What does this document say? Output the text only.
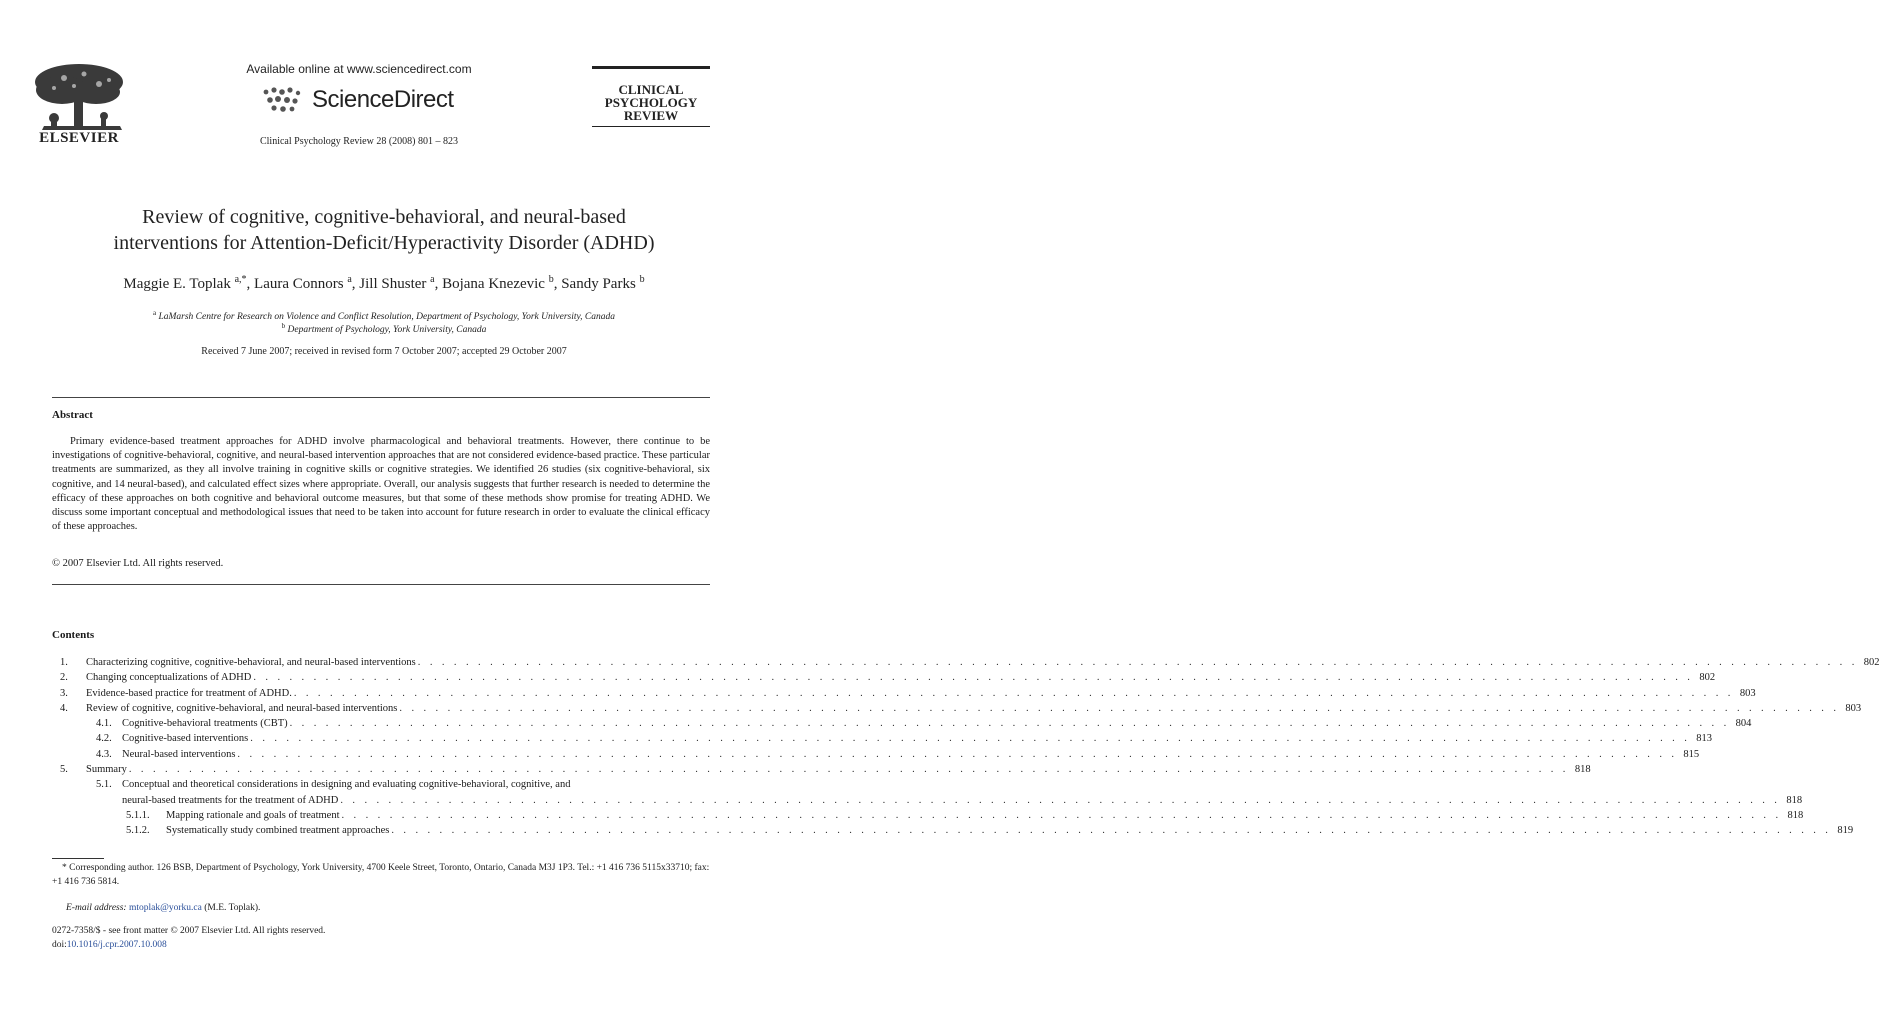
ELSEVIER
Available online at www.sciencedirect.com
ScienceDirect
Clinical Psychology Review 28 (2008) 801 – 823
CLINICAL
PSYCHOLOGY
REVIEW
Review of cognitive, cognitive-behavioral, and neural-based
interventions for Attention-Deficit/Hyperactivity Disorder (ADHD)
Maggie E. Toplak $^{a,*}$, Laura Connors $^a$, Jill Shuster $^a$, Bojana Knezevic $^b$, Sandy Parks $^b$
$^a$ LaMarsh Centre for Research on Violence and Conflict Resolution, Department of Psychology, York University, Canada
$^b$ Department of Psychology, York University, Canada
Received 7 June 2007; received in revised form 7 October 2007; accepted 29 October 2007
Abstract

Primary evidence-based treatment approaches for ADHD involve pharmacological and behavioral treatments. However, there continue to be investigations of cognitive-behavioral, cognitive, and neural-based intervention approaches that are not considered evidence-based practice. These particular treatments are summarized, as they all involve training in cognitive skills or cognitive strategies. We identified 26 studies (six cognitive-behavioral, six cognitive, and 14 neural-based), and calculated effect sizes where appropriate. Overall, our analysis suggests that further research is needed to determine the efficacy of these approaches on both cognitive and behavioral outcome measures, but that some of these methods show promise for treating ADHD. We discuss some important conceptual and methodological issues that need to be taken into account for future research in order to evaluate the clinical efficacy of these approaches.

© 2007 Elsevier Ltd. All rights reserved.
Contents
1.	Characterizing cognitive, cognitive-behavioral, and neural-based interventions . . . . . . . . . . . . . . . . . . . . . . . . . . . . . . . . . . . . . . . . . . . . . . . . . . . . . . . . . . . . . . . . . . . . . . . . . . . . . . . . . . . . . . . . . . . . . . . . . . . . . . . . . . . . . . . . . . . . . . . . 802
2.	Changing conceptualizations of ADHD . . . . . . . . . . . . . . . . . . . . . . . . . . . . . . . . . . . . . . . . . . . . . . . . . . . . . . . . . . . . . . . . . . . . . . . . . . . . . . . . . . . . . . . . . . . . . . . . . . . . . . . . . . . . . . . . . . . . . . . . 802
3.	Evidence-based practice for treatment of ADHD. . . . . . . . . . . . . . . . . . . . . . . . . . . . . . . . . . . . . . . . . . . . . . . . . . . . . . . . . . . . . . . . . . . . . . . . . . . . . . . . . . . . . . . . . . . . . . . . . . . . . . . . . . . . . . . . . . . . . . . . . 803
4.	Review of cognitive, cognitive-behavioral, and neural-based interventions . . . . . . . . . . . . . . . . . . . . . . . . . . . . . . . . . . . . . . . . . . . . . . . . . . . . . . . . . . . . . . . . . . . . . . . . . . . . . . . . . . . . . . . . . . . . . . . . . . . . . . . . . . . . . . . . . . . . . . . . 803
4.1. Cognitive-behavioral treatments (CBT) . . . . . . . . . . . . . . . . . . . . . . . . . . . . . . . . . . . . . . . . . . . . . . . . . . . . . . . . . . . . . . . . . . . . . . . . . . . . . . . . . . . . . . . . . . . . . . . . . . . . . . . . . . . . . . . . . . . . . . . . 804
4.2. Cognitive-based interventions . . . . . . . . . . . . . . . . . . . . . . . . . . . . . . . . . . . . . . . . . . . . . . . . . . . . . . . . . . . . . . . . . . . . . . . . . . . . . . . . . . . . . . . . . . . . . . . . . . . . . . . . . . . . . . . . . . . . . . . . 813
4.3. Neural-based interventions . . . . . . . . . . . . . . . . . . . . . . . . . . . . . . . . . . . . . . . . . . . . . . . . . . . . . . . . . . . . . . . . . . . . . . . . . . . . . . . . . . . . . . . . . . . . . . . . . . . . . . . . . . . . . . . . . . . . . . . . 815
5.	Summary . . . . . . . . . . . . . . . . . . . . . . . . . . . . . . . . . . . . . . . . . . . . . . . . . . . . . . . . . . . . . . . . . . . . . . . . . . . . . . . . . . . . . . . . . . . . . . . . . . . . . . . . . . . . . . . . . . . . . . . . 818
5.1. Conceptual and theoretical considerations in designing and evaluating cognitive-behavioral, cognitive, and
neural-based treatments for the treatment of ADHD . . . . . . . . . . . . . . . . . . . . . . . . . . . . . . . . . . . . . . . . . . . . . . . . . . . . . . . . . . . . . . . . . . . . . . . . . . . . . . . . . . . . . . . . . . . . . . . . . . . . . . . . . . . . . . . . . . . . . . . . 818
5.1.1.	Mapping rationale and goals of treatment . . . . . . . . . . . . . . . . . . . . . . . . . . . . . . . . . . . . . . . . . . . . . . . . . . . . . . . . . . . . . . . . . . . . . . . . . . . . . . . . . . . . . . . . . . . . . . . . . . . . . . . . . . . . . . . . . . . . . . . . 818
5.1.2.	Systematically study combined treatment approaches . . . . . . . . . . . . . . . . . . . . . . . . . . . . . . . . . . . . . . . . . . . . . . . . . . . . . . . . . . . . . . . . . . . . . . . . . . . . . . . . . . . . . . . . . . . . . . . . . . . . . . . . . . . . . . . . . . . . . . . . 819

* Corresponding author. 126 BSB, Department of Psychology, York University, 4700 Keele Street, Toronto, Ontario, Canada M3J 1P3. Tel.: +1 416 736 5115x33710; fax: +1 416 736 5814.

E-mail address: mtoplak@yorku.ca (M.E. Toplak).
0272-7358/$ - see front matter © 2007 Elsevier Ltd. All rights reserved.
doi:10.1016/j.cpr.2007.10.008
